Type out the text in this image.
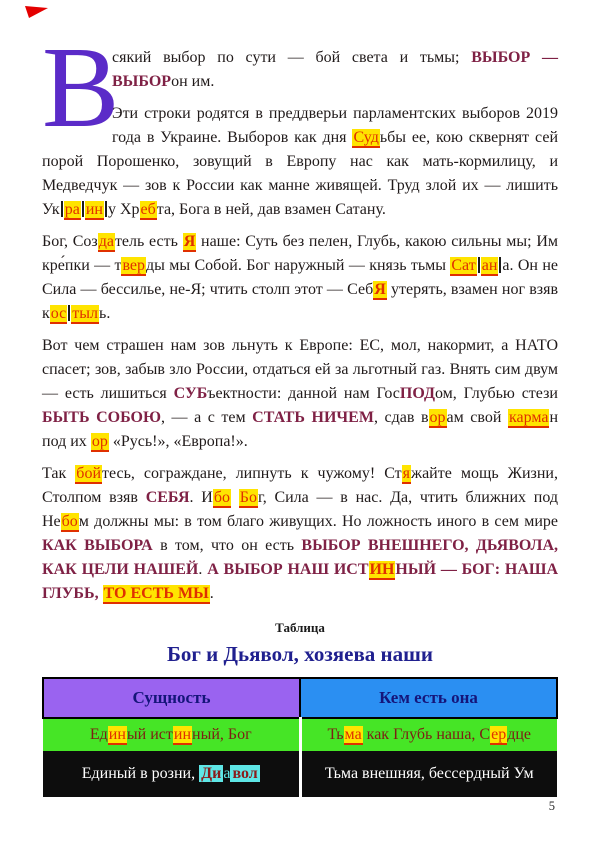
В
сякий выбор по сути — бой света и тьмы; ВЫБОР — ВЫБОРон им.

Эти строки родятся в преддверьи парламентских выборов 2019 года в Украине. Выборов как дня Судьбы ее, кою сквернят сей порой Порошенко, зовущий в Европу нас как мать-кормилицу, и Медведчук — зов к России как манне живящей. Труд злой их — лишить Ук ра ин у Хребта, Бога в ней, дав взамен Сатану.

Бог, Создатель есть Я наше: Суть без пелен, Глубь, какою сильны мы; Им кре́пки — тверды мы Собой. Бог наружный — князь тьмы Сат ан а. Он не Сила — бессилье, не-Я; чтить столп этот — СебЯ утерять, взамен ног взяв кос тыль.

Вот чем страшен нам зов льнуть к Европе: ЕС, мол, накормит, а НАТО спасет; зов, забыв зло России, отдаться ей за льготный газ. Внять сим двум — есть лишиться СУБъектности: данной нам ГосПОДом, Глубью стези БЫТЬ СОБОЮ, — а с тем СТАТЬ НИЧЕМ, сдав ворам свой карман под их ор «Русь!», «Европа!».

Так бойтесь, сограждане, липнуть к чужому! Стяжайте мощь Жизни, Столпом взяв СЕБЯ. Ибо Бог, Сила — в нас. Да, чтить ближних под Небом должны мы: в том благо живущих. Но ложность иного в сем мире КАК ВЫБОРА в том, что он есть ВЫБОР ВНЕШНЕГО, ДЬЯВОЛА, КАК ЦЕЛИ НАШЕЙ. А ВЫБОР НАШ ИСТИННЫЙ — БОГ: НАША ГЛУБЬ, ТО ЕСТЬ МЫ.

Таблица
Бог и Дьявол, хозяева наши
Сущность	Кем есть она
Единый истинный, Бог	Тьма как Глубь наша, Сердце
Единый в розни, Ди а вол	Тьма внешняя, бессердный Ум
5
